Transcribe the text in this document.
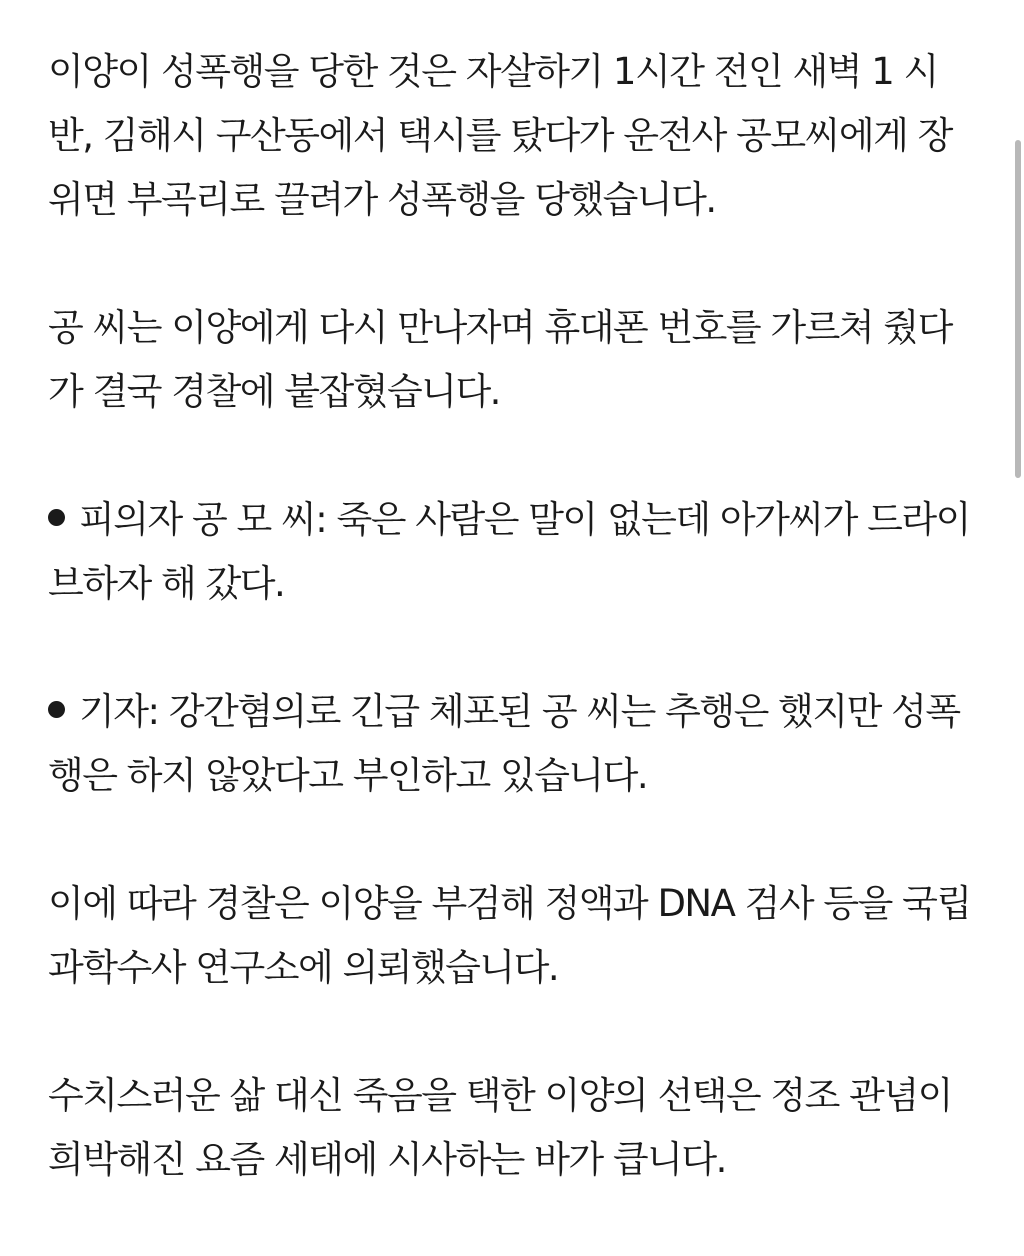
이양이 성폭행을 당한 것은 자살하기 1시간 전인 새벽 1 시
반, 김해시 구산동에서 택시를 탔다가 운전사 공모씨에게 장
위면 부곡리로 끌려가 성폭행을 당했습니다.

공 씨는 이양에게 다시 만나자며 휴대폰 번호를 가르쳐 줬다
가 결국 경찰에 붙잡혔습니다.

피의자 공 모 씨: 죽은 사람은 말이 없는데 아가씨가 드라이
브하자 해 갔다.

기자: 강간혐의로 긴급 체포된 공 씨는 추행은 했지만 성폭
행은 하지 않았다고 부인하고 있습니다.

이에 따라 경찰은 이양을 부검해 정액과 DNA 검사 등을 국립
과학수사 연구소에 의뢰했습니다.

수치스러운 삶 대신 죽음을 택한 이양의 선택은 정조 관념이
희박해진 요즘 세태에 시사하는 바가 큽니다.
